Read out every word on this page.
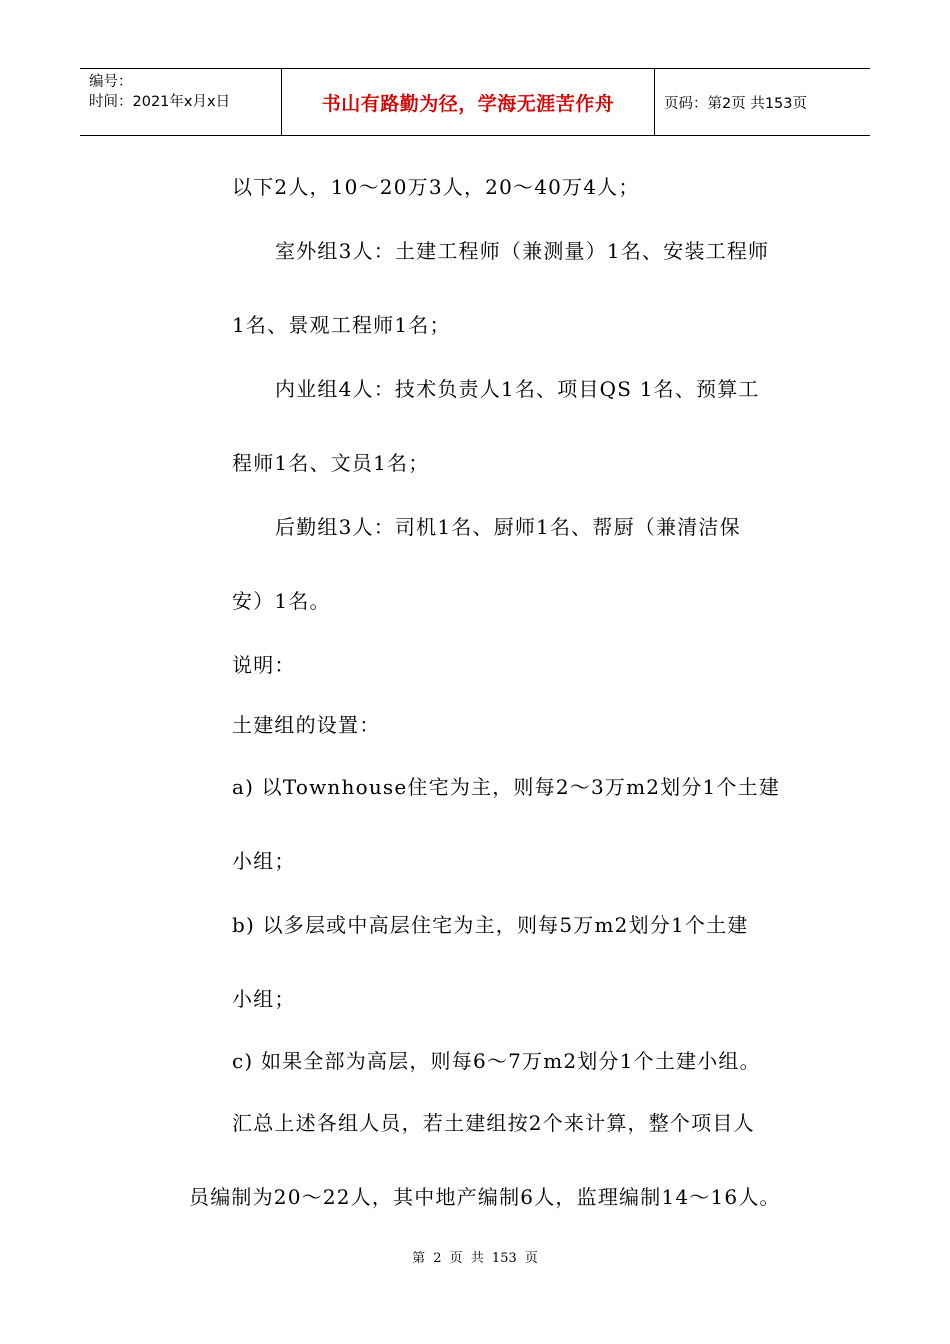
编号：
时间：2021年x月x日	书山有路勤为径，学海无涯苦作舟	页码：第2页 共153页
以下2人，10～20万3人，20～40万4人；
室外组3人：土建工程师（兼测量）1名、安装工程师
1名、景观工程师1名；
内业组4人：技术负责人1名、项目QS 1名、预算工
程师1名、文员1名；
后勤组3人：司机1名、厨师1名、帮厨（兼清洁保
安）1名。
说明：
土建组的设置：
a) 以Townhouse住宅为主，则每2～3万m2划分1个土建
小组；
b) 以多层或中高层住宅为主，则每5万m2划分1个土建
小组；
c) 如果全部为高层，则每6～7万m2划分1个土建小组。
汇总上述各组人员，若土建组按2个来计算，整个项目人
员编制为20～22人，其中地产编制6人，监理编制14～16人。
第 2 页 共 153 页
